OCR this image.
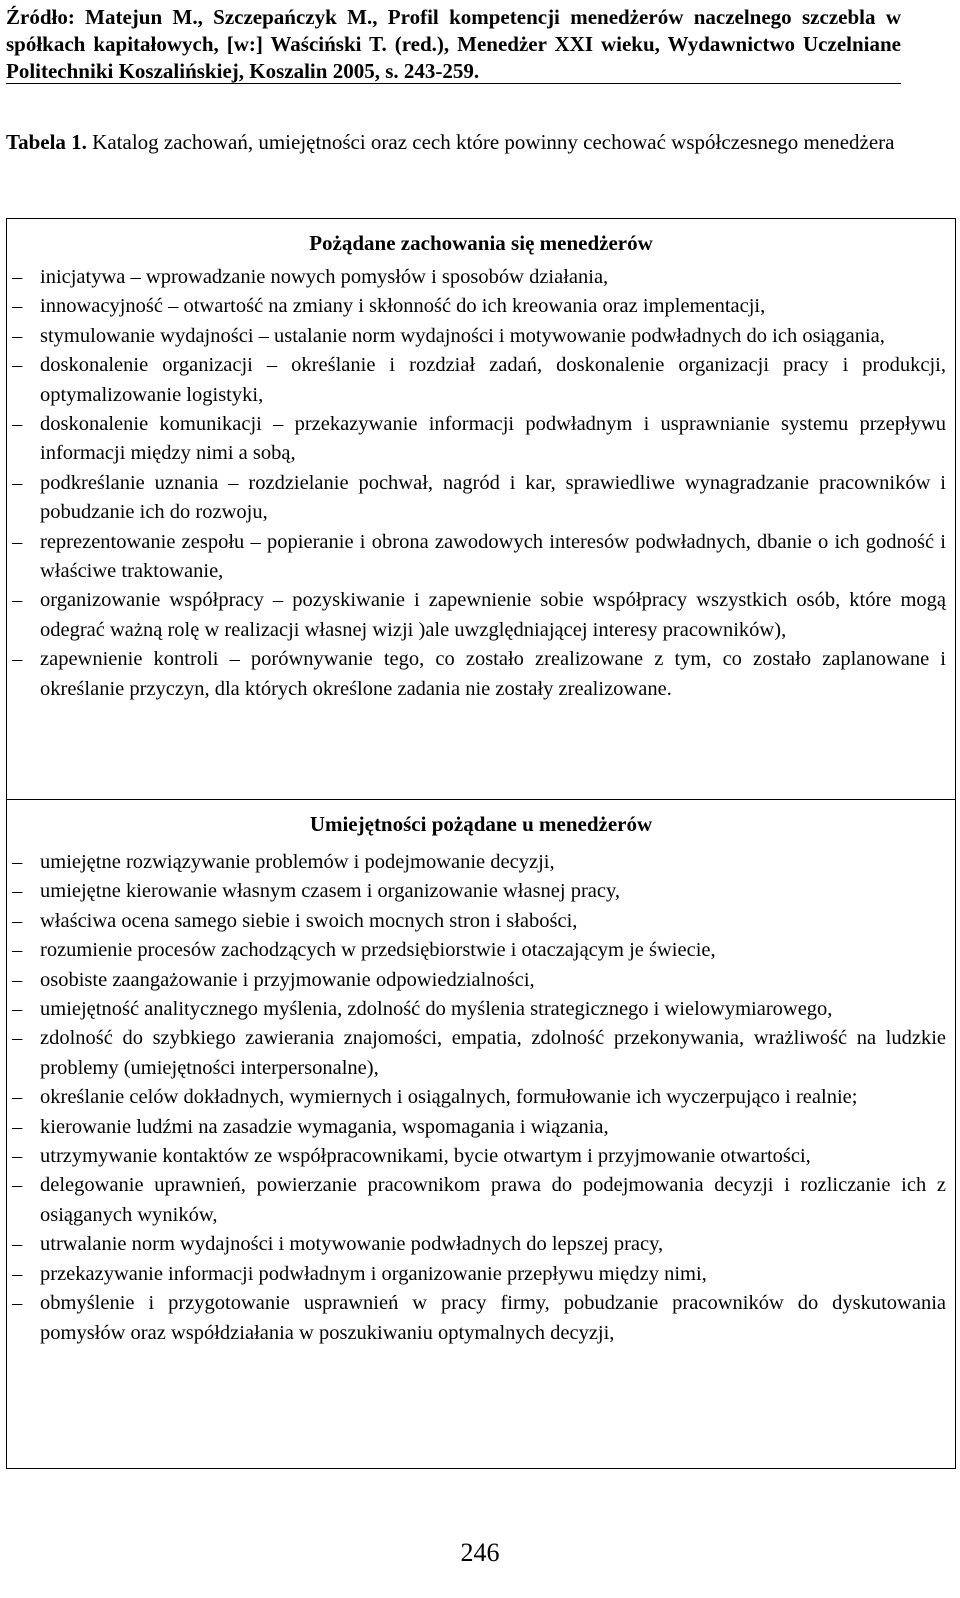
Źródło: Matejun M., Szczepańczyk M., Profil kompetencji menedżerów naczelnego szczebla w spółkach kapitałowych, [w:] Waściński T. (red.), Menedżer XXI wieku, Wydawnictwo Uczelniane Politechniki Koszalińskiej, Koszalin 2005, s. 243-259.
Tabela 1. Katalog zachowań, umiejętności oraz cech które powinny cechować współczesnego menedżera
Pożądane zachowania się menedżerów
– inicjatywa – wprowadzanie nowych pomysłów i sposobów działania,
– innowacyjność – otwartość na zmiany i skłonność do ich kreowania oraz implementacji,
– stymulowanie wydajności – ustalanie norm wydajności i motywowanie podwładnych do ich osiągania,
– doskonalenie organizacji – określanie i rozdział zadań, doskonalenie organizacji pracy i produkcji, optymalizowanie logistyki,
– doskonalenie komunikacji – przekazywanie informacji podwładnym i usprawnianie systemu przepływu informacji między nimi a sobą,
– podkreślanie uznania – rozdzielanie pochwał, nagród i kar, sprawiedliwe wynagradzanie pracowników i pobudzanie ich do rozwoju,
– reprezentowanie zespołu – popieranie i obrona zawodowych interesów podwładnych, dbanie o ich godność i właściwe traktowanie,
– organizowanie współpracy – pozyskiwanie i zapewnienie sobie współpracy wszystkich osób, które mogą odegrać ważną rolę w realizacji własnej wizji )ale uwzględniającej interesy pracowników),
– zapewnienie kontroli – porównywanie tego, co zostało zrealizowane z tym, co zostało zaplanowane i określanie przyczyn, dla których określone zadania nie zostały zrealizowane.
Umiejętności pożądane u menedżerów
– umiejętne rozwiązywanie problemów i podejmowanie decyzji,
– umiejętne kierowanie własnym czasem i organizowanie własnej pracy,
– właściwa ocena samego siebie i swoich mocnych stron i słabości,
– rozumienie procesów zachodzących w przedsiębiorstwie i otaczającym je świecie,
– osobiste zaangażowanie i przyjmowanie odpowiedzialności,
– umiejętność analitycznego myślenia, zdolność do myślenia strategicznego i wielowymiarowego,
– zdolność do szybkiego zawierania znajomości, empatia, zdolność przekonywania, wrażliwość na ludzkie problemy (umiejętności interpersonalne),
– określanie celów dokładnych, wymiernych i osiągalnych, formułowanie ich wyczerpująco i realnie;
– kierowanie ludźmi na zasadzie wymagania, wspomagania i wiązania,
– utrzymywanie kontaktów ze współpracownikami, bycie otwartym i przyjmowanie otwartości,
– delegowanie uprawnień, powierzanie pracownikom prawa do podejmowania decyzji i rozliczanie ich z osiąganych wyników,
– utrwalanie norm wydajności i motywowanie podwładnych do lepszej pracy,
– przekazywanie informacji podwładnym i organizowanie przepływu między nimi,
– obmyślenie i przygotowanie usprawnień w pracy firmy, pobudzanie pracowników do dyskutowania pomysłów oraz współdziałania w poszukiwaniu optymalnych decyzji,
246
